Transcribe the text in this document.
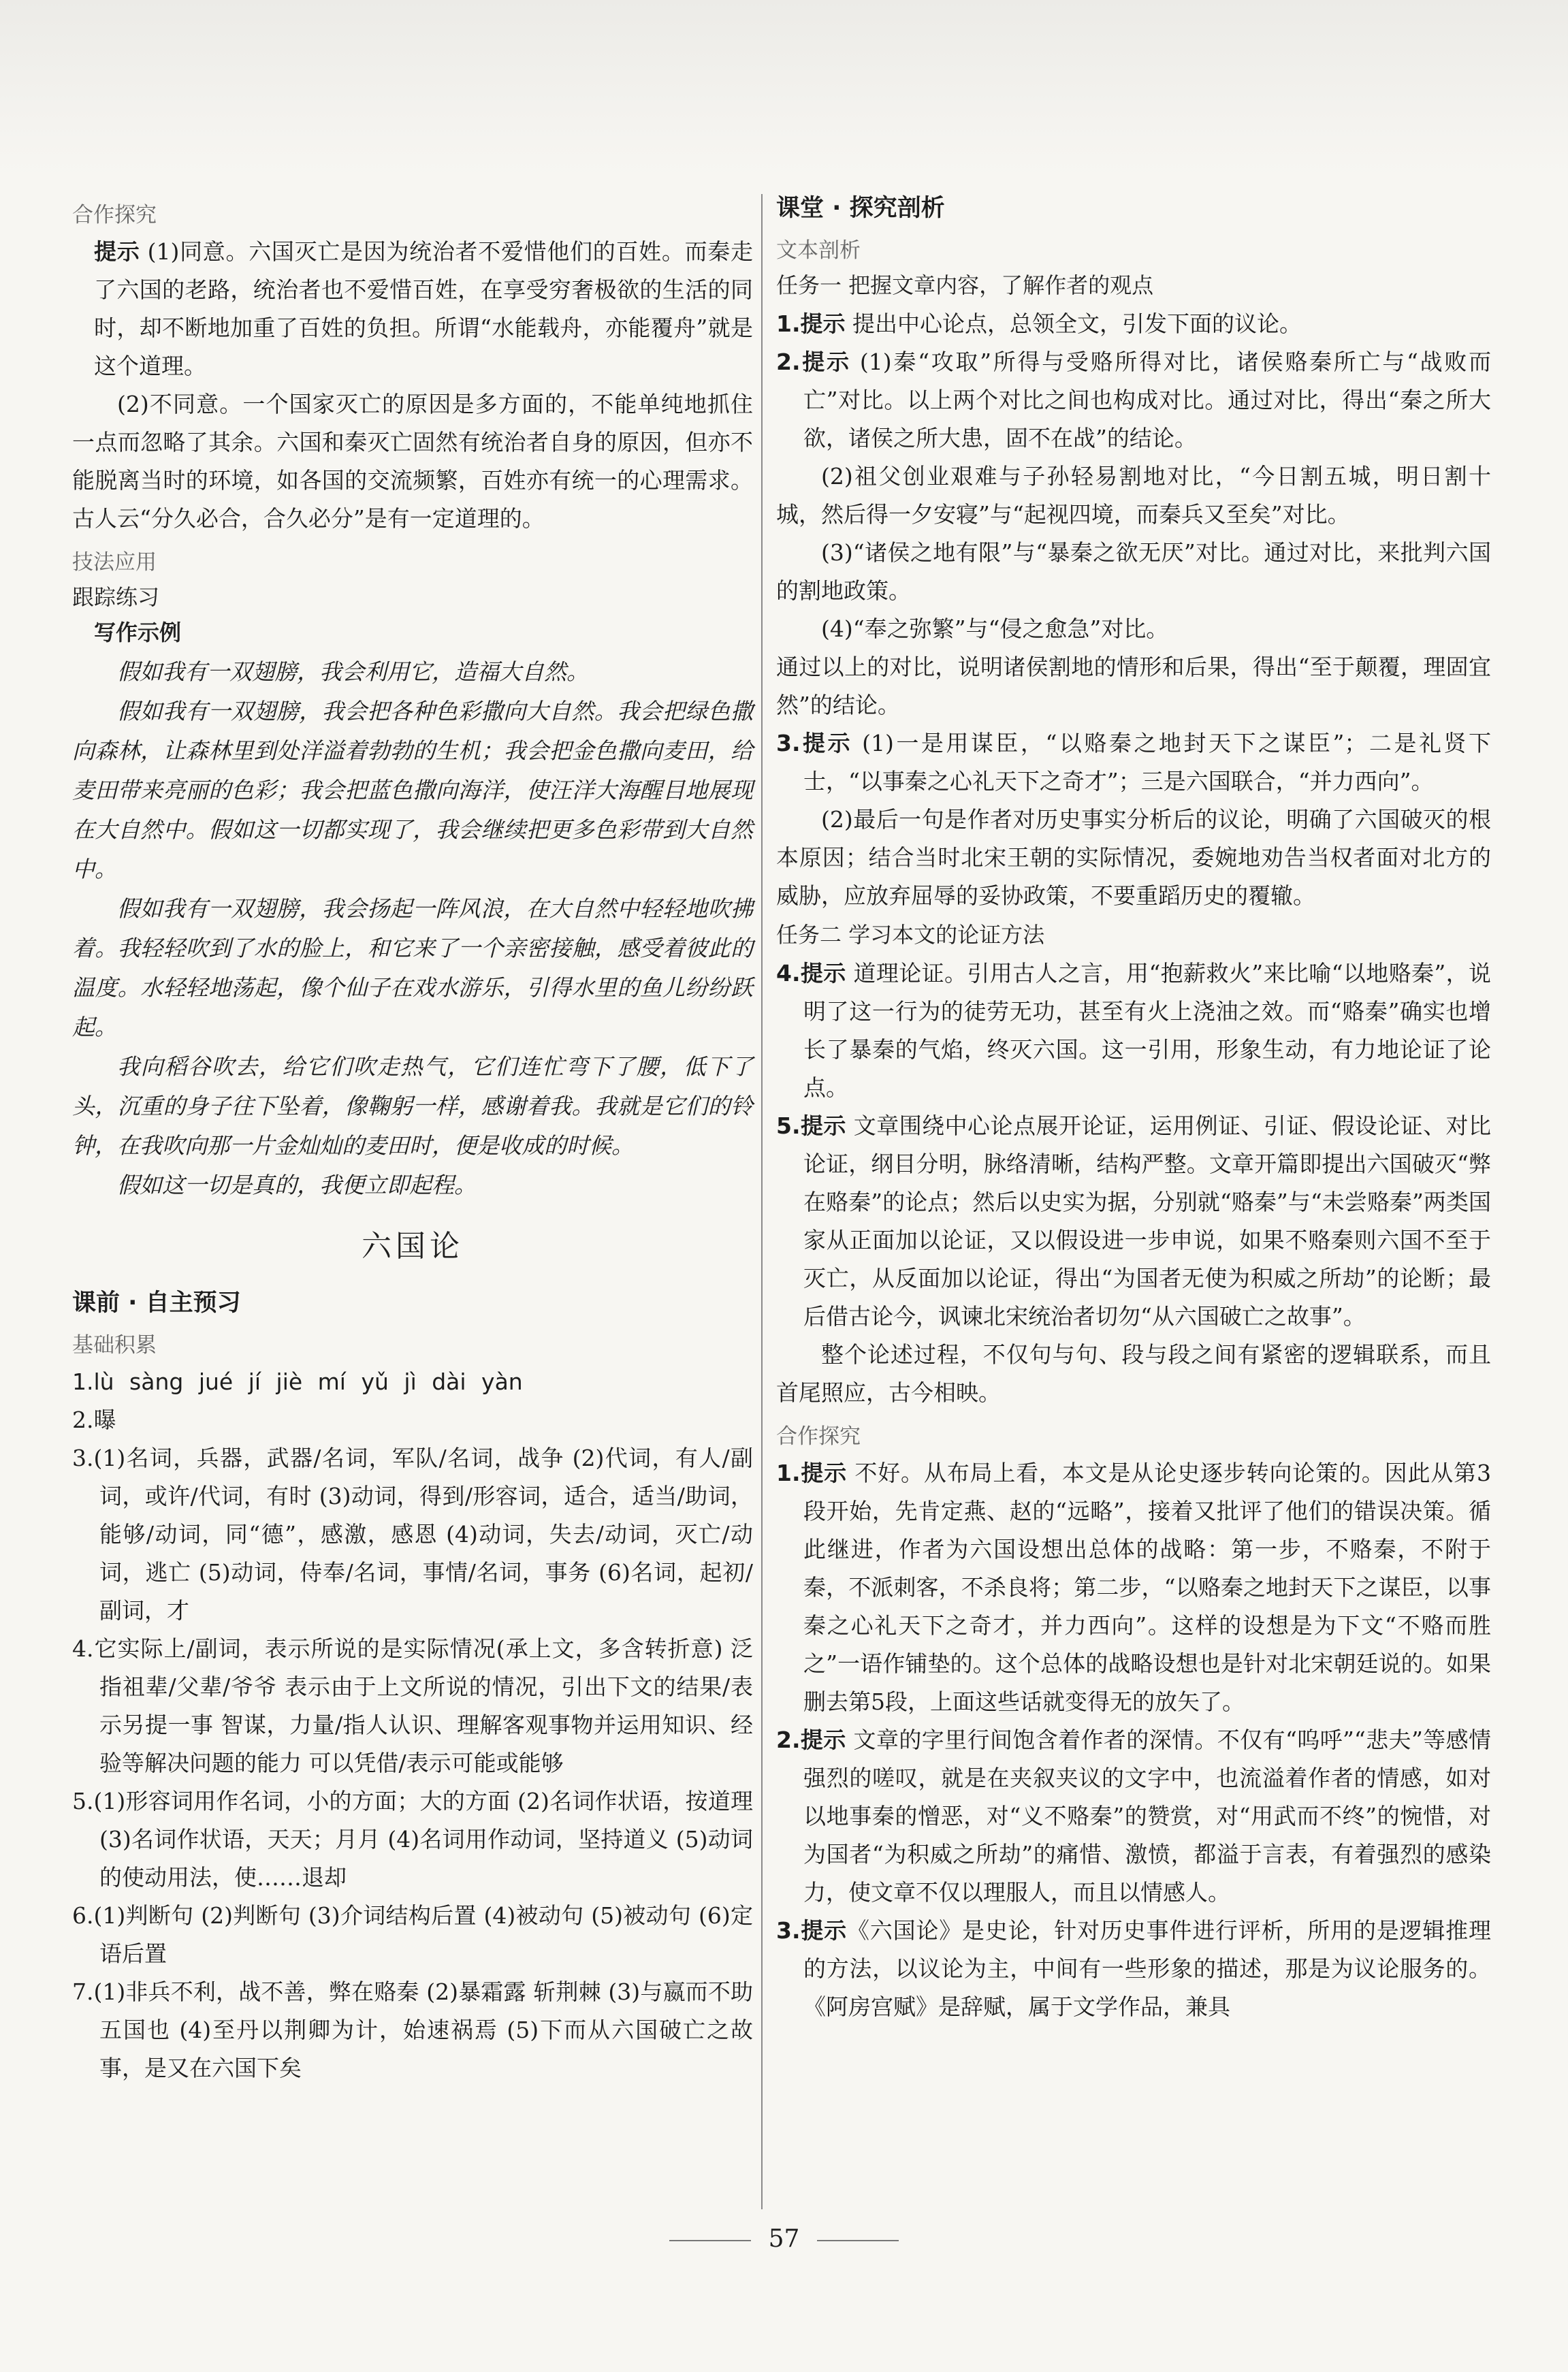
合作探究

提示 (1)同意。六国灭亡是因为统治者不爱惜他们的百姓。而秦走了六国的老路，统治者也不爱惜百姓，在享受穷奢极欲的生活的同时，却不断地加重了百姓的负担。所谓“水能载舟，亦能覆舟”就是这个道理。

(2)不同意。一个国家灭亡的原因是多方面的，不能单纯地抓住一点而忽略了其余。六国和秦灭亡固然有统治者自身的原因，但亦不能脱离当时的环境，如各国的交流频繁，百姓亦有统一的心理需求。古人云“分久必合，合久必分”是有一定道理的。

技法应用
跟踪练习
写作示例

假如我有一双翅膀，我会利用它，造福大自然。

假如我有一双翅膀，我会把各种色彩撒向大自然。我会把绿色撒向森林，让森林里到处洋溢着勃勃的生机；我会把金色撒向麦田，给麦田带来亮丽的色彩；我会把蓝色撒向海洋，使汪洋大海醒目地展现在大自然中。假如这一切都实现了，我会继续把更多色彩带到大自然中。

假如我有一双翅膀，我会扬起一阵风浪，在大自然中轻轻地吹拂着。我轻轻吹到了水的脸上，和它来了一个亲密接触，感受着彼此的温度。水轻轻地荡起，像个仙子在戏水游乐，引得水里的鱼儿纷纷跃起。

我向稻谷吹去，给它们吹走热气，它们连忙弯下了腰，低下了头，沉重的身子往下坠着，像鞠躬一样，感谢着我。我就是它们的铃钟，在我吹向那一片金灿灿的麦田时，便是收成的时候。

假如这一切是真的，我便立即起程。

六国论
课前 · 自主预习
基础积累

1.lù sàng jué jí jiè mí yǔ jì dài yàn

2.曝

3.(1)名词，兵器，武器/名词，军队/名词，战争 (2)代词，有人/副词，或许/代词，有时 (3)动词，得到/形容词，适合，适当/助词，能够/动词，同“德”，感激，感恩 (4)动词，失去/动词，灭亡/动词，逃亡 (5)动词，侍奉/名词，事情/名词，事务 (6)名词，起初/副词，才

4.它实际上/副词，表示所说的是实际情况(承上文，多含转折意) 泛指祖辈/父辈/爷爷 表示由于上文所说的情况，引出下文的结果/表示另提一事 智谋，力量/指人认识、理解客观事物并运用知识、经验等解决问题的能力 可以凭借/表示可能或能够

5.(1)形容词用作名词，小的方面；大的方面 (2)名词作状语，按道理 (3)名词作状语，天天；月月 (4)名词用作动词，坚持道义 (5)动词的使动用法，使……退却

6.(1)判断句 (2)判断句 (3)介词结构后置 (4)被动句 (5)被动句 (6)定语后置

7.(1)非兵不利，战不善，弊在赂秦 (2)暴霜露 斩荆棘 (3)与嬴而不助五国也 (4)至丹以荆卿为计，始速祸焉 (5)下而从六国破亡之故事，是又在六国下矣

课堂 · 探究剖析
文本剖析
任务一 把握文章内容，了解作者的观点

1.提示 提出中心论点，总领全文，引发下面的议论。

2.提示 (1)秦“攻取”所得与受赂所得对比，诸侯赂秦所亡与“战败而亡”对比。以上两个对比之间也构成对比。通过对比，得出“秦之所大欲，诸侯之所大患，固不在战”的结论。

(2)祖父创业艰难与子孙轻易割地对比，“今日割五城，明日割十城，然后得一夕安寝”与“起视四境，而秦兵又至矣”对比。

(3)“诸侯之地有限”与“暴秦之欲无厌”对比。通过对比，来批判六国的割地政策。

(4)“奉之弥繁”与“侵之愈急”对比。

通过以上的对比，说明诸侯割地的情形和后果，得出“至于颠覆，理固宜然”的结论。

3.提示 (1)一是用谋臣，“以赂秦之地封天下之谋臣”；二是礼贤下士，“以事秦之心礼天下之奇才”；三是六国联合，“并力西向”。

(2)最后一句是作者对历史事实分析后的议论，明确了六国破灭的根本原因；结合当时北宋王朝的实际情况，委婉地劝告当权者面对北方的威胁，应放弃屈辱的妥协政策，不要重蹈历史的覆辙。

任务二 学习本文的论证方法

4.提示 道理论证。引用古人之言，用“抱薪救火”来比喻“以地赂秦”，说明了这一行为的徒劳无功，甚至有火上浇油之效。而“赂秦”确实也增长了暴秦的气焰，终灭六国。这一引用，形象生动，有力地论证了论点。

5.提示 文章围绕中心论点展开论证，运用例证、引证、假设论证、对比论证，纲目分明，脉络清晰，结构严整。文章开篇即提出六国破灭“弊在赂秦”的论点；然后以史实为据，分别就“赂秦”与“未尝赂秦”两类国家从正面加以论证，又以假设进一步申说，如果不赂秦则六国不至于灭亡，从反面加以论证，得出“为国者无使为积威之所劫”的论断；最后借古论今，讽谏北宋统治者切勿“从六国破亡之故事”。

整个论述过程，不仅句与句、段与段之间有紧密的逻辑联系，而且首尾照应，古今相映。

合作探究

1.提示 不好。从布局上看，本文是从论史逐步转向论策的。因此从第3段开始，先肯定燕、赵的“远略”，接着又批评了他们的错误决策。循此继进，作者为六国设想出总体的战略：第一步，不赂秦，不附于秦，不派刺客，不杀良将；第二步，“以赂秦之地封天下之谋臣，以事秦之心礼天下之奇才，并力西向”。这样的设想是为下文“不赂而胜之”一语作铺垫的。这个总体的战略设想也是针对北宋朝廷说的。如果删去第5段，上面这些话就变得无的放矢了。

2.提示 文章的字里行间饱含着作者的深情。不仅有“呜呼”“悲夫”等感情强烈的嗟叹，就是在夹叙夹议的文字中，也流溢着作者的情感，如对以地事秦的憎恶，对“义不赂秦”的赞赏，对“用武而不终”的惋惜，对为国者“为积威之所劫”的痛惜、激愤，都溢于言表，有着强烈的感染力，使文章不仅以理服人，而且以情感人。

3.提示《六国论》是史论，针对历史事件进行评析，所用的是逻辑推理的方法，以议论为主，中间有一些形象的描述，那是为议论服务的。《阿房宫赋》是辞赋，属于文学作品，兼具

57
